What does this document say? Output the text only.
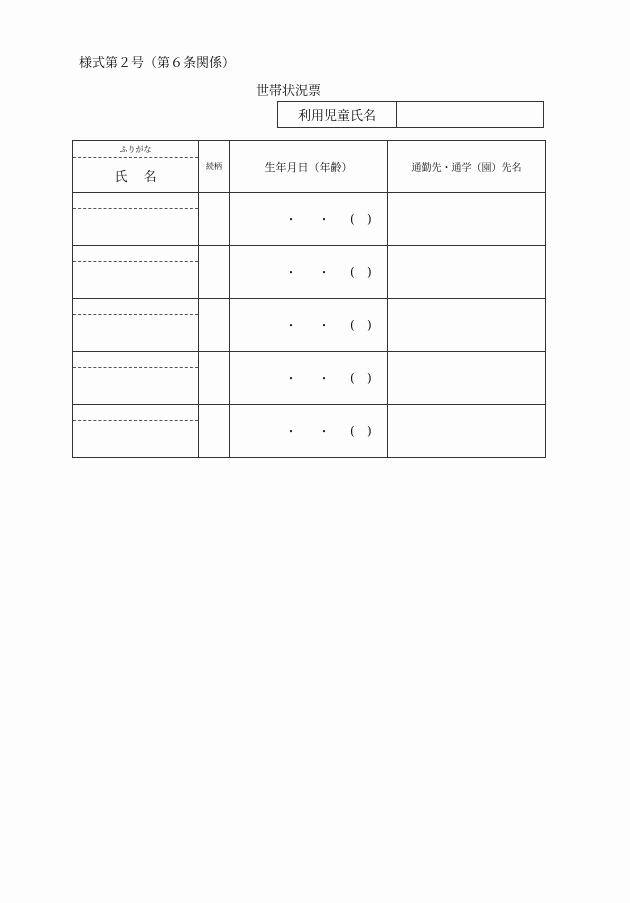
様式第２号（第６条関係）
世帯状況票
利用児童氏名
ふりがな
氏名	続柄	生年月日（年齢）	通勤先・通学（園）先名

		・ ・ ( )	

		・ ・ ( )	

		・ ・ ( )	

		・ ・ ( )	

		・ ・ ( )	
